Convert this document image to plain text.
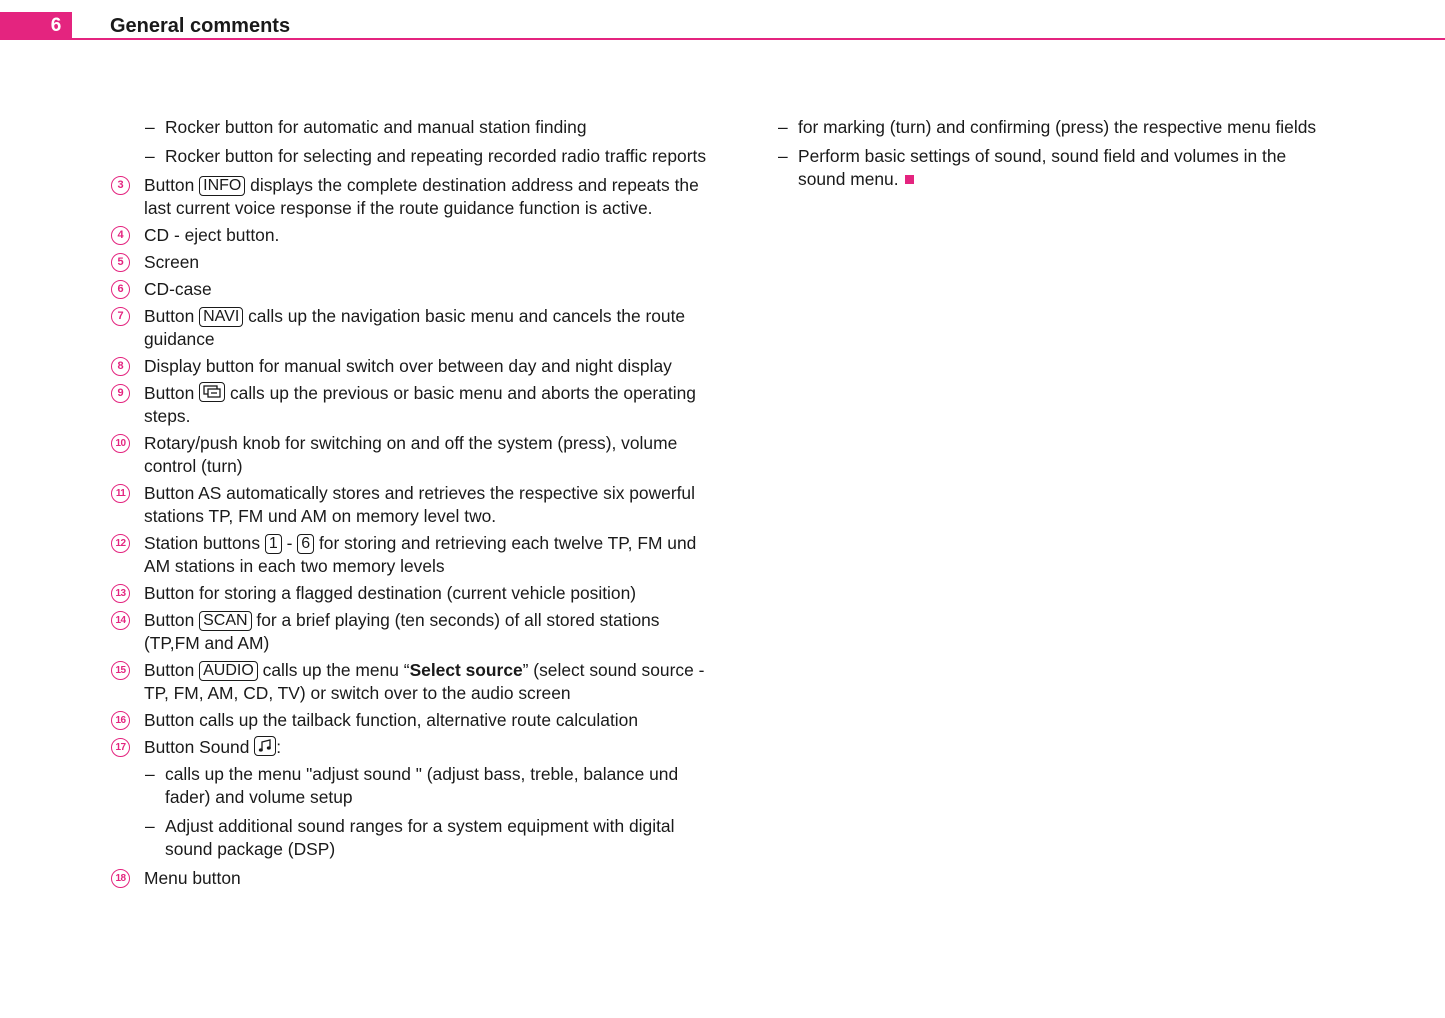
6 General comments
– Rocker button for automatic and manual station finding
– Rocker button for selecting and repeating recorded radio traffic reports
3	Button INFO displays the complete destination address and repeats the last current voice response if the route guidance function is active.
4	CD - eject button.
5	Screen
6	CD-case
7	Button NAVI calls up the navigation basic menu and cancels the route guidance
8	Display button for manual switch over between day and night display
9	Button
calls up the previous or basic menu and aborts the operating steps.
10 Rotary/push knob for switching on and off the system (press), volume control (turn)
11 Button AS automatically stores and retrieves the respective six powerful stations TP, FM und AM on memory level two.
12 Station buttons 1 - 6 for storing and retrieving each twelve TP, FM und AM stations in each two memory levels
13 Button for storing a flagged destination (current vehicle position)
14 Button SCAN for a brief playing (ten seconds) of all stored stations (TP,FM and AM)
15 Button AUDIO calls up the menu “Select source” (select sound source - TP, FM, AM, CD, TV) or switch over to the audio screen
16 Button calls up the tailback function, alternative route calculation
17 Button Sound
:
– calls up the menu "adjust sound " (adjust bass, treble, balance und fader) and volume setup
– Adjust additional sound ranges for a system equipment with digital sound package (DSP)
18 Menu button
– for marking (turn) and confirming (press) the respective menu fields
– Perform basic settings of sound, sound field and volumes in the sound menu.
